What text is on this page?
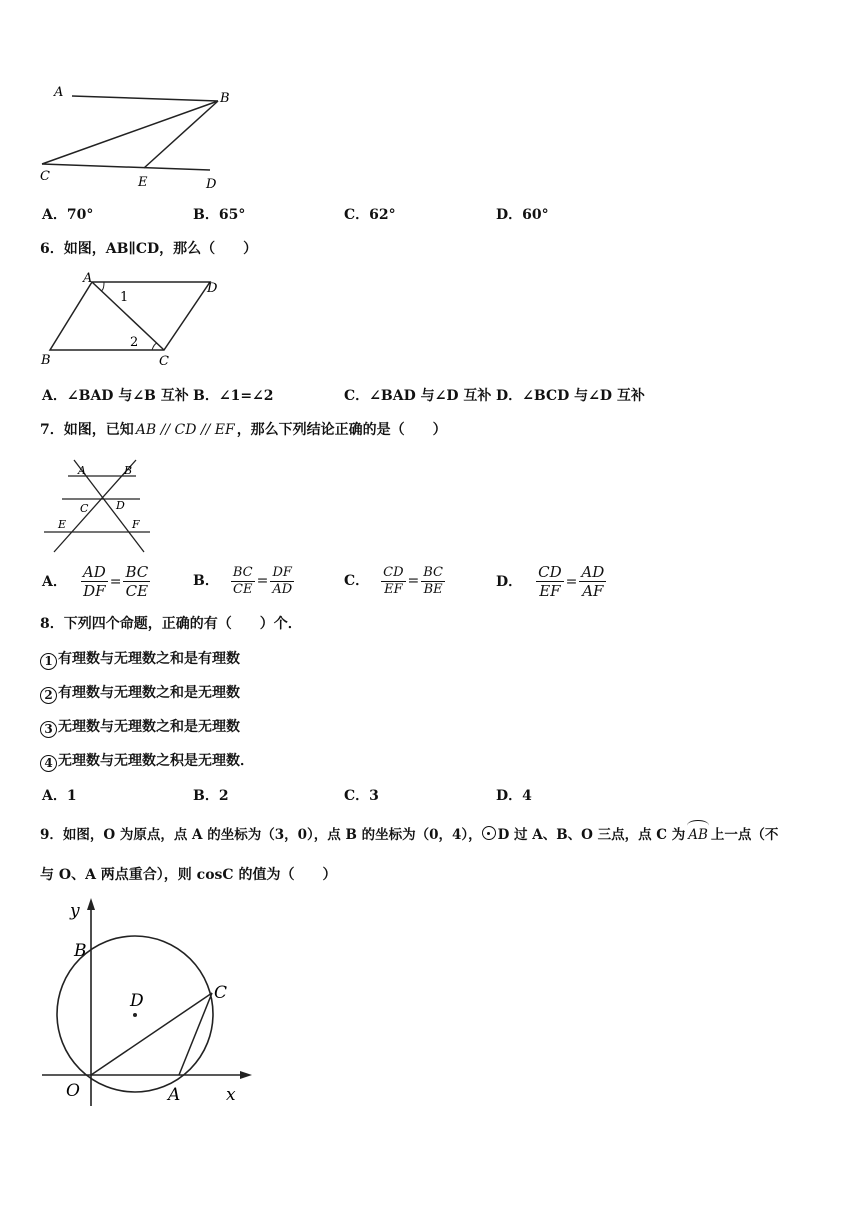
A	B
C	E	D
A．70°	B．65°	C．62°	D．60°
6．如图，AB∥CD，那么（　　）
A
D
B	C
1
2
A．∠BAD 与∠B 互补 B．∠1=∠2	C．∠BAD 与∠D 互补 D．∠BCD 与∠D 互补
7．如图，已知 AB // CD // EF ，那么下列结论正确的是（　　）
A	B
C	D
E	F
A． $\frac{AD}{DF} = \frac{BC}{CE}$	B． $\frac{BC}{CE} = \frac{DF}{AD}$	C． $\frac{CD}{EF} = \frac{BC}{BE}$	D． $\frac{CD}{EF} = \frac{AD}{AF}$
8．下列四个命题，正确的有（　　）个．
1 有理数与无理数之和是有理数
2 有理数与无理数之和是无理数
3 无理数与无理数之和是无理数
4 无理数与无理数之积是无理数．
A．1	B．2	C．3	D．4
9．如图，O 为原点，点 A 的坐标为（3，0），点 B 的坐标为（0，4）， D 过 A、B、O 三点，点 C 为 AB 上一点（不
与 O、A 两点重合），则 cosC 的值为（　　）
y
B
D	C
O	A	x
